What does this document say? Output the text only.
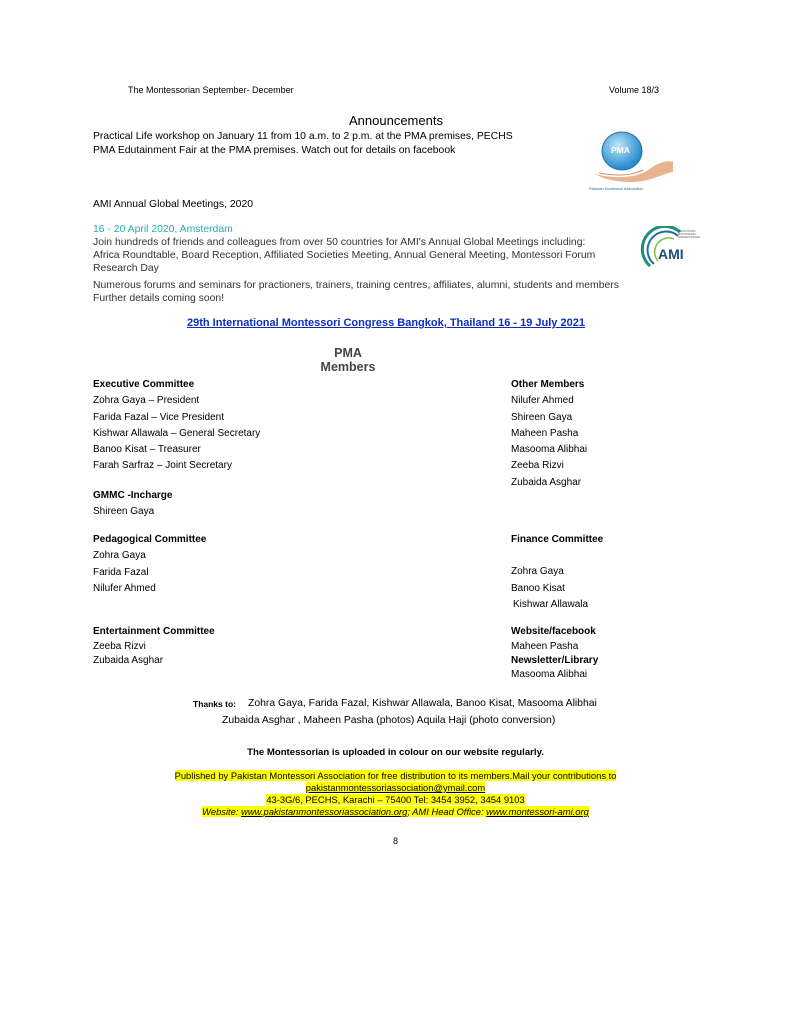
The Montessorian September- December	Volume 18/3
Announcements
Practical Life workshop on January 11 from 10 a.m. to 2 p.m. at the PMA premises, PECHS
PMA Edutainment Fair at the PMA premises. Watch out for details on facebook	PMA
Pakistan Montessori Association
AMI Annual Global Meetings, 2020
16 - 20 April 2020, Amsterdam
Join hundreds of friends and colleagues from over 50 countries for AMI's Annual Global Meetings including:
Africa Roundtable, Board Reception, Affiliated Societies Meeting, Annual General Meeting, Montessori Forum
Research Day
Numerous forums and seminars for practioners, trainers, training centres, affiliates, alumni, students and members
Further details coming soon!
AMI
ASSOCIATION MONTESSORI INTERNATIONALE
29th International Montessori Congress Bangkok, Thailand 16 - 19 July 2021
PMA
Members
Executive Committee
Zohra Gaya – President
Farida Fazal – Vice President
Kishwar Allawala – General Secretary
Banoo Kisat – Treasurer
Farah Sarfraz – Joint Secretary
Other Members
Nilufer Ahmed
Shireen Gaya
Maheen Pasha
Masooma Alibhai
Zeeba Rizvi
Zubaida Asghar
GMMC -Incharge
Shireen Gaya
Pedagogical Committee
Zohra Gaya
Farida Fazal
Nilufer Ahmed
Finance Committee
Zohra Gaya
Banoo Kisat
Kishwar Allawala
Entertainment Committee
Zeeba Rizvi
Zubaida Asghar
Website/facebook
Maheen Pasha
Newsletter/Library
Masooma Alibhai
Thanks to: Zohra Gaya, Farida Fazal, Kishwar Allawala, Banoo Kisat, Masooma Alibhai
Zubaida Asghar , Maheen Pasha (photos) Aquila Haji (photo conversion)
The Montessorian is uploaded in colour on our website regularly.
Published by Pakistan Montessori Association for free distribution to its members.Mail your contributions to
pakistanmontessoriassociation@ymail.com
43-3G/6, PECHS, Karachi – 75400 Tel: 3454 3952, 3454 9103
Website: www.pakistanmontessoriassociation.org; AMI Head Office: www.montessori-ami.org
8
